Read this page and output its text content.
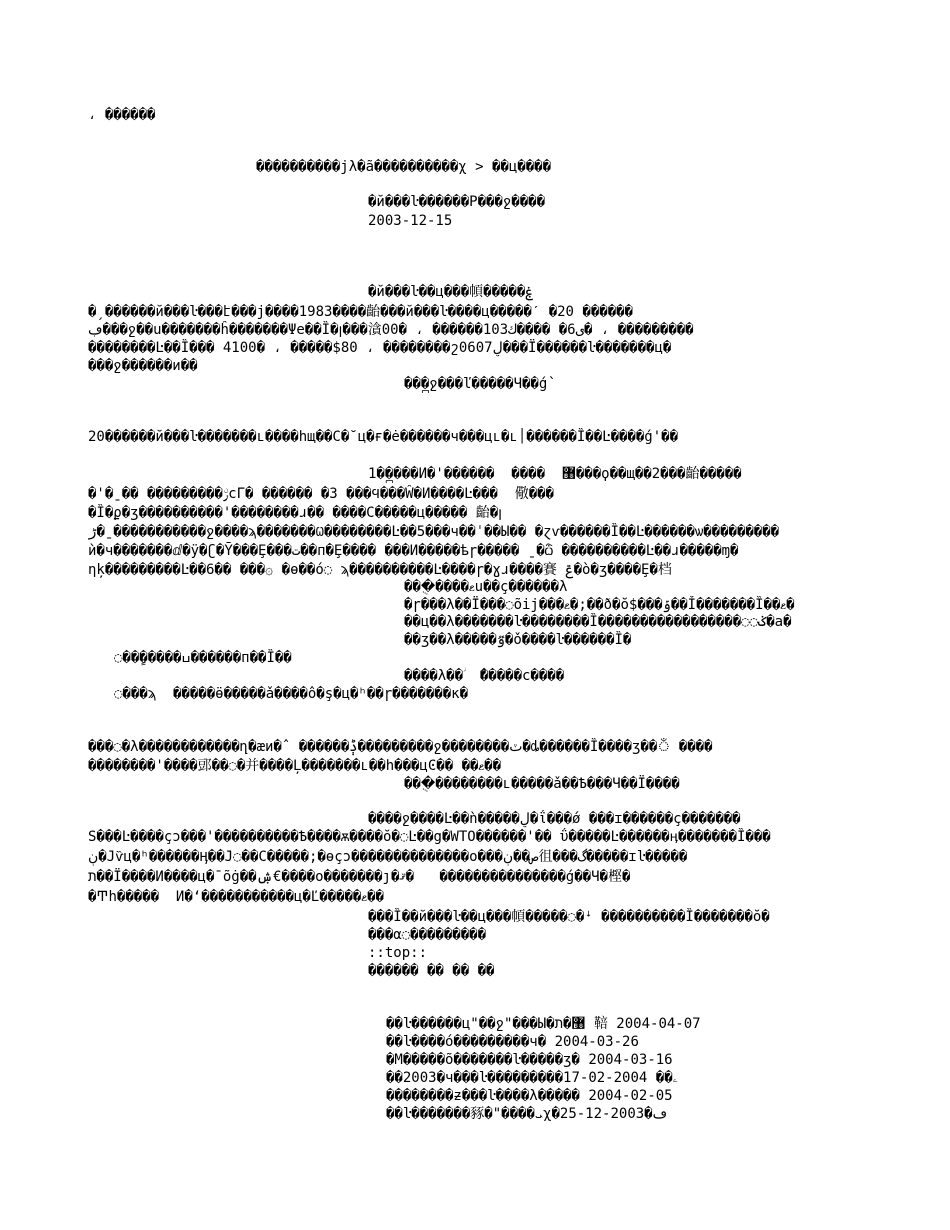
، ������
����������ϳλ�ã����������χ > ��ц����
�й���ŀ������Р���ջ����
2003-12-15
�й���ŀ��ц���幁�����ۼ
�ˏ������й���ŀ���է���ј����1983����齝���й���ŀ����ц�����ˊ �20 ������
ڢ���ջ��ս�������ĥ�������Ψе��Ȉ�ꞁ���㵅00� ، ������ى6� ����ك103� ، ���������
��������Ŀ��Ȉ��� 4100� ، �����$80 ، ��������շ0607ڸ���Ϊ������ŀ�������ц�
���ջ������и��
���֭ջ���ľ�����Ч��ǵ՝
20������й���ŀ�������ւ����һщ��С�˘ц�ғ�ė������ч���цւ�ւ׀������Ȉ��Ŀ����ǵ'��
1��ׅ���И�'������  ����  ޸���ϙ��щ��2���齝�����
�'�ˍ�� ���������ࢹcΓ� ������ �3 ���Ϥ���Ŵ�И����Ŀ���  儆���
�Ȉ�ϼ�ʒ����������'��������ɹ�� ����С�����ц����� 齝�ꞁ
ڑ�ˍ�����������ջ����ϡ�������Ѡ��������Ŀ��5���ч��ˈ��Ы�� �ɀѵ������Ȉ��Ŀ������ѡ���������
ѝ�ч�������ⅆ�ӱ�ʗ�Ȳ���Ȩ���ت��п�Ȩ���� ���И�����ѣɼ����� ˍ�ѽ ����������Ŀ��ɹ�����ɱ�
ηķ���������Ŀ��6�� ���۞ �ѳ��ó◌ ϡ����������Ŀ����ɼ�ɣɹ����賽 ݝ�ò�ʒ����Ȩ�档
���ֻ����ޱu��ç������λ
�ɼ���λ��Ϊ���◌õij���ޱ�;��ð�ŏ$���ݹ��Ǐ�������Ȉ��ޱ�
��ц��λ�������ŀ��������Ȉ�����������������◌◌ݢ�а�
��ʒ��λ�����ٷ�ǒ����ŀ������Ȉ�
◌���ٍ����ߎ������п��Ȉ��
����λ��ؗ  �ᩳ����с����
◌���ϡ  �����ӫ�����ǎ����ô�ş�ц�ʰ��ɼ�������к�
���◌�λ������������ղ�æи�ˆ ������ݙ���������ջ��������ٽ�ȡ������Ȉ����ʒ��ঁ ����
��������'����郖��◌�并����Ļ�������ւ��һ���цϾ�� ��ޱ��
���ֻ��������ւ�����ǎ��Ѣ���Ч��Ϊ����
����ջ����Ŀ��ǹ�����ڸ�ΐ���ǿ ���ɪ������ç�������
Ѕ���Ŀ����çɔ���'����������Ѣ����ѫ����ŏ�◌Ŀ��g�WTO������'�� ΰ�����Ŀ������ӊ�������Ȉ���
ڹ�Jѷц�ʰ������Ӊ��Ϳ◌��С�����;�ѳçɔ��������������о���ص��ڹ徂���گ�����ɪŀ�����
ת��Ϊ����И����ц�ˉõġ��ۺ€����о�������ȷ�ޤ�   ���������������ǵ��Ч�樫�
�Ͳh�����  И�ʻ�����������ц�Ľ�����ޱ��
���Ȉ��й���ŀ��ц���幁�����◌�ꜜ ����������Ȉ�������ŏ�
���α◌���������
::top::
������ �� �� ��
��ŀ������ц"��ջ"���Ы�޸�ת 鞛 2004-04-07
��ŀ����ó���������ч� 2004-03-26
�Μ�����õ�������ŀ�����ʒ� 2004-03-16
��2003�ч���ŀ���������ۦ�� 2004-02-17
��������ƶ���ŀ����λ����� 2004-02-05
��ŀ�������豩�"����ܝχ�25-12-2003�ڡ
